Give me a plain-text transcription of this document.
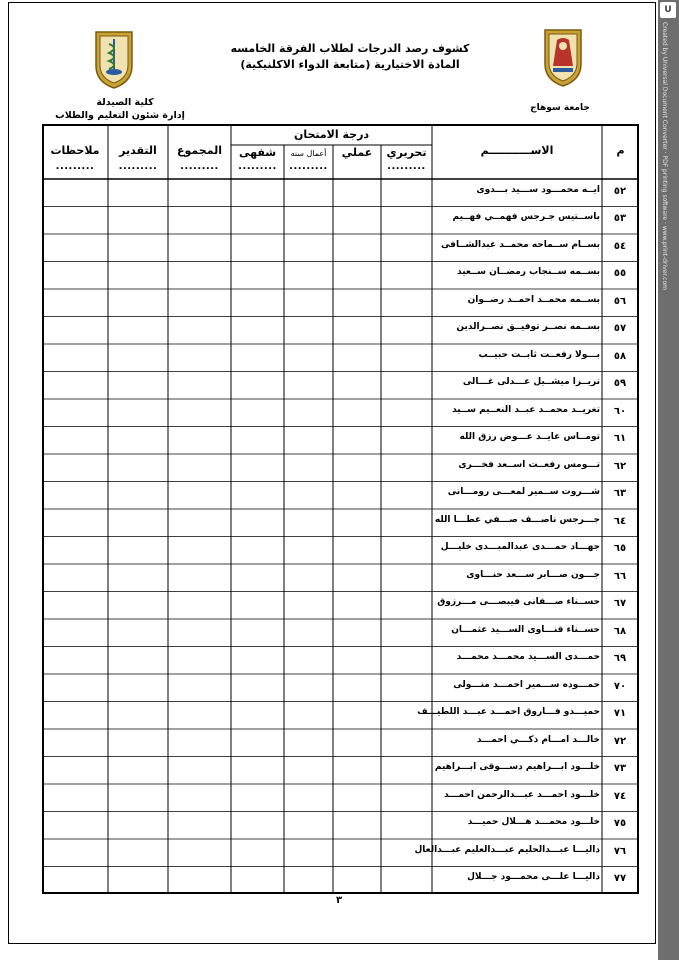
U
Created by Universal Document Converter · PDF printing software · www.print-driver.com
كشوف رصد الدرجات لطلاب الفرقة الخامسه
المادة الاختيارية (متابعة الدواء الاكلنيكية)
كلية الصيدلة
إدارة شئون التعليم والطلاب
جامعة سوهاج
م
الاســـــــــــم
درجة الامتحان
تحريري
عملي
أعمال سنه
شفهى
المجموع
التقدير
ملاحظات
.........
.........
.........
.........
.........
.........
٥٢
ايــه محمـــود ســـيد بـــدوى
٥٣
باســتيس جـرجس فهمــي فهــيم
٥٤
بســام ســماحه محمــد عبدالشــافى
٥٥
بســمه ســنجاب رمضــان ســعيد
٥٦
بســمه محمــد احمــد رضــوان
٥٧
بســمه نصــر توفيــق نصــرالدين
٥٨
بـــولا رفعــت ثابــت حبيــب
٥٩
تريــزا ميشــيل عـــدلى غـــالى
٦٠
تغريــد محمــد عبــد النعــيم ســيد
٦١
تومــاس عايــد عـــوض رزق الله
٦٢
تـــومس رفعــت اســعد فخـــرى
٦٣
شـــروت ســمير لمعـــى رومـــانى
٦٤
جـــرجس ناصـــف صـــفي عطـــا الله
٦٥
جهـــاد حمـــدى عبدالمبـــدى خليـــل
٦٦
جـــون صـــابر ســـعد حنـــاوى
٦٧
حســناء صـــفانى فيبصـــى مـــرزوق
٦٨
حســناء قنـــاوى الســـيد عثمـــان
٦٩
حمـــدى الســـيد محمـــد محمـــد
٧٠
حمـــوده ســـمير احمـــد متـــولى
٧١
حميـــدو فـــاروق احمـــد عبـــد اللطيـــف
٧٢
خالـــد امـــام ذكـــي احمـــد
٧٣
خلـــود ابـــراهيم دســـوقى ابـــراهيم
٧٤
خلـــود احمـــد عبـــدالرحمن احمـــد
٧٥
خلـــود محمـــد هـــلال حميـــد
٧٦
داليـــا عبـــدالحليم عبـــدالعليم عبـــدالعال
٧٧
داليـــا علـــى محمـــود جـــلال
٣
